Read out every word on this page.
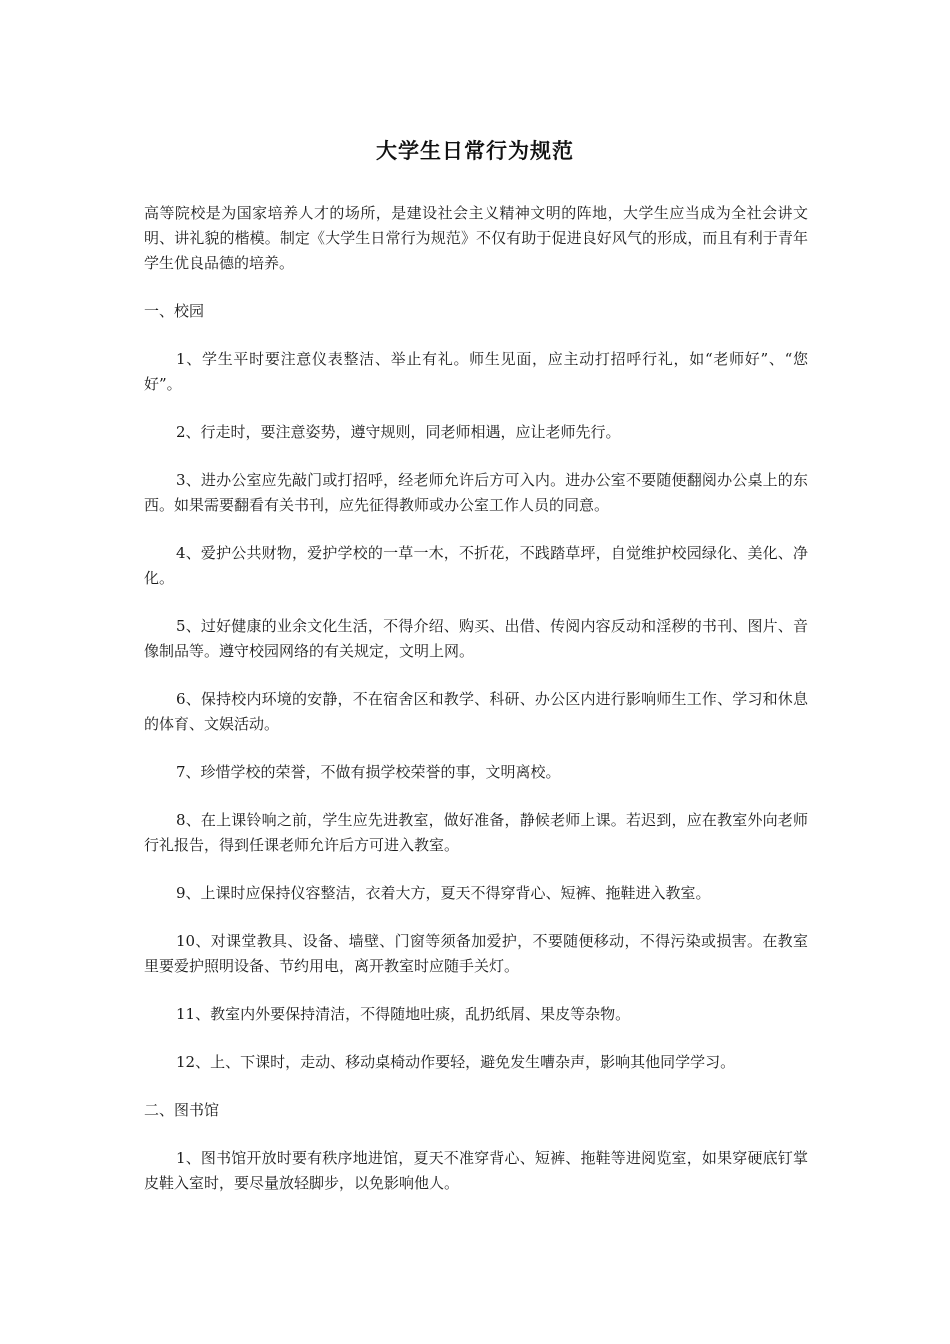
大学生日常行为规范

高等院校是为国家培养人才的场所，是建设社会主义精神文明的阵地，大学生应当成为全社会讲文明、讲礼貌的楷模。制定《大学生日常行为规范》不仅有助于促进良好风气的形成，而且有利于青年学生优良品德的培养。

一、校园

1、学生平时要注意仪表整洁、举止有礼。师生见面，应主动打招呼行礼，如“老师好”、“您好”。

2、行走时，要注意姿势，遵守规则，同老师相遇，应让老师先行。

3、进办公室应先敲门或打招呼，经老师允许后方可入内。进办公室不要随便翻阅办公桌上的东西。如果需要翻看有关书刊，应先征得教师或办公室工作人员的同意。

4、爱护公共财物，爱护学校的一草一木，不折花，不践踏草坪，自觉维护校园绿化、美化、净化。

5、过好健康的业余文化生活，不得介绍、购买、出借、传阅内容反动和淫秽的书刊、图片、音像制品等。遵守校园网络的有关规定，文明上网。

6、保持校内环境的安静，不在宿舍区和教学、科研、办公区内进行影响师生工作、学习和休息的体育、文娱活动。

7、珍惜学校的荣誉，不做有损学校荣誉的事，文明离校。

8、在上课铃响之前，学生应先进教室，做好准备，静候老师上课。若迟到，应在教室外向老师行礼报告，得到任课老师允许后方可进入教室。

9、上课时应保持仪容整洁，衣着大方，夏天不得穿背心、短裤、拖鞋进入教室。

10、对课堂教具、设备、墙壁、门窗等须备加爱护，不要随便移动，不得污染或损害。在教室里要爱护照明设备、节约用电，离开教室时应随手关灯。

11、教室内外要保持清洁，不得随地吐痰，乱扔纸屑、果皮等杂物。

12、上、下课时，走动、移动桌椅动作要轻，避免发生嘈杂声，影响其他同学学习。

二、图书馆

1、图书馆开放时要有秩序地进馆，夏天不准穿背心、短裤、拖鞋等进阅览室，如果穿硬底钉掌皮鞋入室时，要尽量放轻脚步，以免影响他人。
